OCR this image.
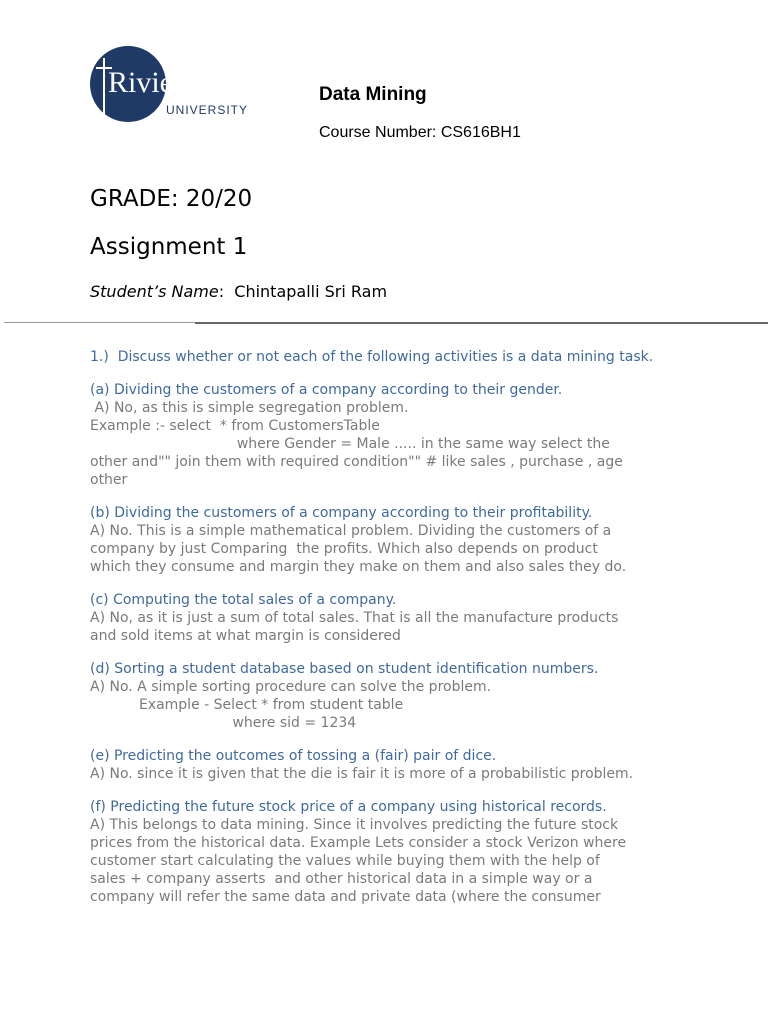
Rivier
UNIVERSITY
Data Mining
Course Number: CS616BH1
GRADE: 20/20
Assignment 1
Student’s Name:  Chintapalli Sri Ram

1.)  Discuss whether or not each of the following activities is a data mining task.

(a) Dividing the customers of a company according to their gender.

A) No, as this is simple segregation problem.

Example :- select  * from CustomersTable

where Gender = Male ..... in the same way select the

other and"" join them with required condition"" # like sales , purchase , age

other

(b) Dividing the customers of a company according to their profitability.

A) No. This is a simple mathematical problem. Dividing the customers of a

company by just Comparing  the profits. Which also depends on product

which they consume and margin they make on them and also sales they do.

(c) Computing the total sales of a company.

A) No, as it is just a sum of total sales. That is all the manufacture products

and sold items at what margin is considered

(d) Sorting a student database based on student identification numbers.

A) No. A simple sorting procedure can solve the problem.

Example - Select * from student table

where sid = 1234

(e) Predicting the outcomes of tossing a (fair) pair of dice.

A) No. since it is given that the die is fair it is more of a probabilistic problem.

(f) Predicting the future stock price of a company using historical records.

A) This belongs to data mining. Since it involves predicting the future stock

prices from the historical data. Example Lets consider a stock Verizon where

customer start calculating the values while buying them with the help of

sales + company asserts  and other historical data in a simple way or a

company will refer the same data and private data (where the consumer
